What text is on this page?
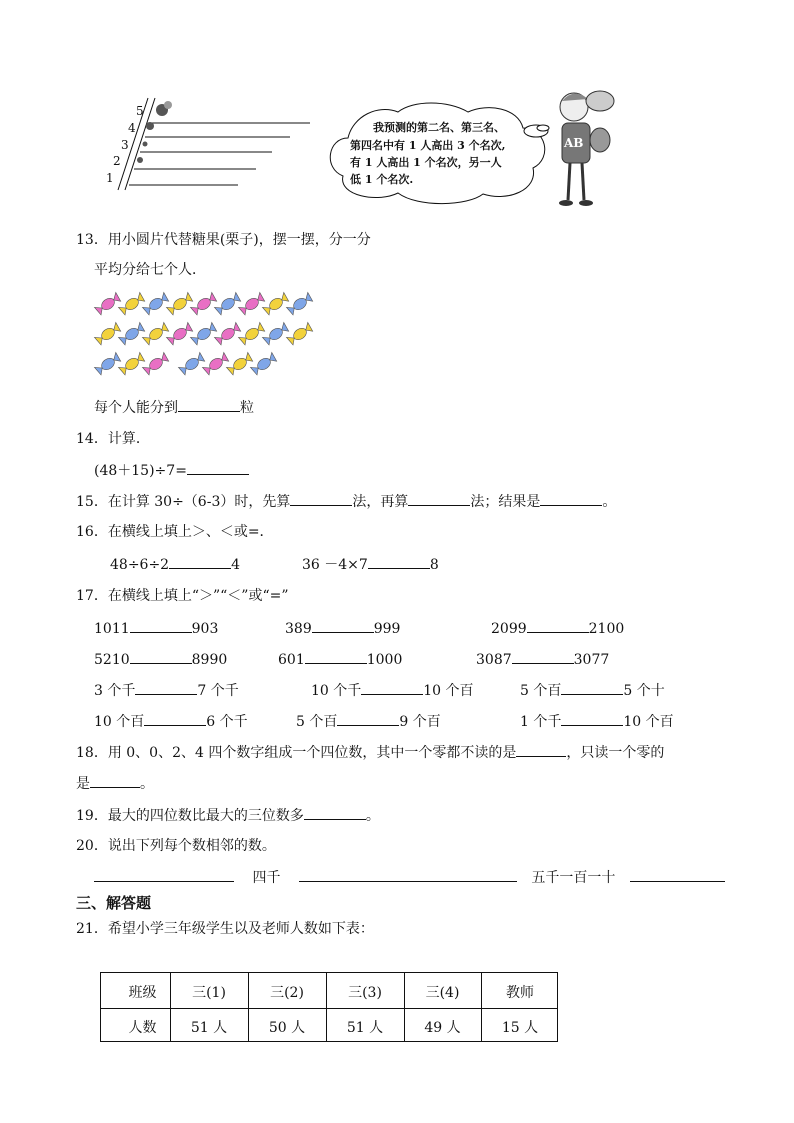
5
4
3
2
1
我预测的第二名、第三名、
第四名中有 1 人高出 3 个名次,
有 1 人高出 1 个名次，另一人
低 1 个名次.
AB
13．用小圆片代替糖果(栗子)，摆一摆，分一分
平均分给七个人．
每个人能分到	粒
14．计算．
(48＋15)÷7=
15．在计算 30÷（6-3）时，先算	法，再算	法；结果是	。
16．在横线上填上＞、＜或=．
48÷6÷2	4	36 －4×7	8
17．在横线上填上“＞”“＜”或“=”
1011	903	389	999	2099	2100
5210	8990	601	1000	3087	3077
3 个千	7 个千	10 个千	10 个百	5 个百	5 个十
10 个百	6 个千	5 个百	9 个百	1 个千	10 个百
18．用 0、0、2、4 四个数字组成一个四位数，其中一个零都不读的是	，只读一个零的
是	。
19．最大的四位数比最大的三位数多	。
20．说出下列每个数相邻的数。
四千	五千一百一十
三、解答题
21．希望小学三年级学生以及老师人数如下表：
班级	三(1)	三(2)	三(3)	三(4)	教师
人数	51 人	50 人	51 人	49 人	15 人
